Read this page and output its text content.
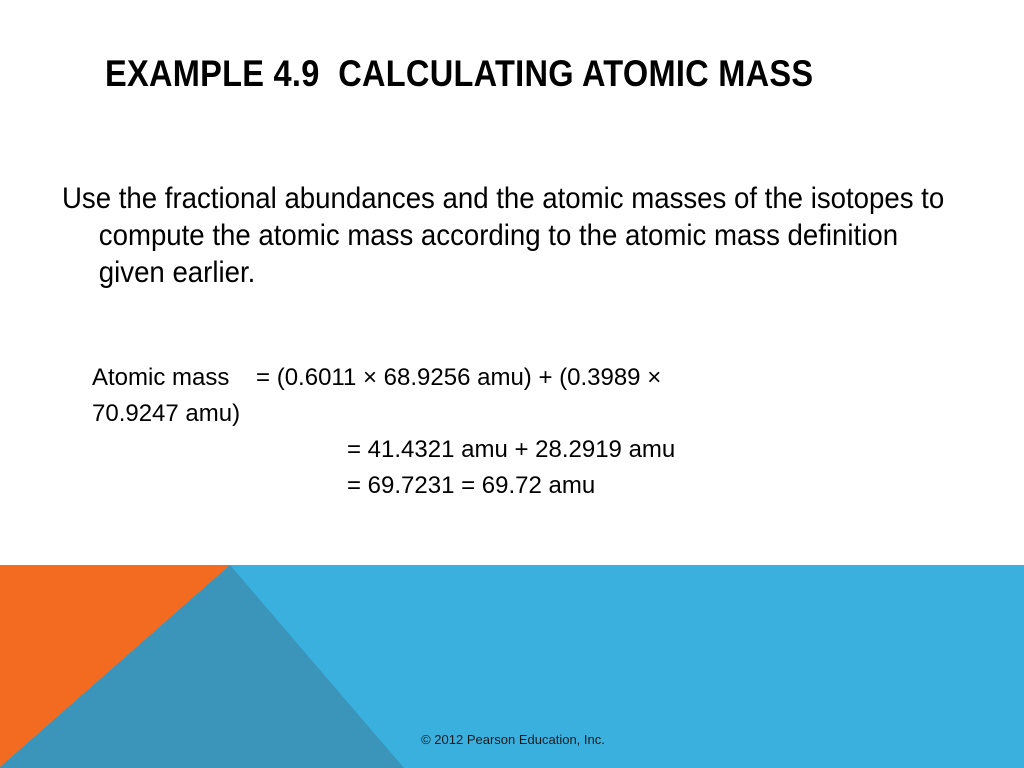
EXAMPLE 4.9  CALCULATING ATOMIC MASS

Use the fractional abundances and the atomic masses of the isotopes to compute the atomic mass according to the atomic mass definition given earlier.

Atomic mass    = (0.6011 × 68.9256 amu) + (0.3989 ×
70.9247 amu)
= 41.4321 amu + 28.2919 amu
= 69.7231 = 69.72 amu
© 2012 Pearson Education, Inc.
